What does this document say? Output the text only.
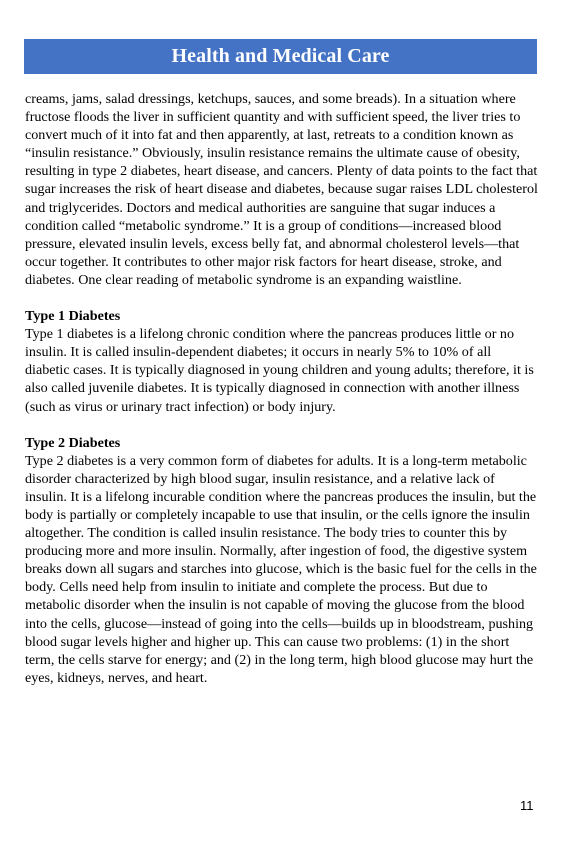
Health and Medical Care

creams, jams, salad dressings, ketchups, sauces, and some breads). In a situation where fructose floods the liver in sufficient quantity and with sufficient speed, the liver tries to convert much of it into fat and then apparently, at last, retreats to a condition known as “insulin resistance.” Obviously, insulin resistance remains the ultimate cause of obesity, resulting in type 2 diabetes, heart disease, and cancers. Plenty of data points to the fact that sugar increases the risk of heart disease and diabetes, because sugar raises LDL cholesterol and triglycerides. Doctors and medical authorities are sanguine that sugar induces a condition called “metabolic syndrome.” It is a group of conditions—increased blood pressure, elevated insulin levels, excess belly fat, and abnormal cholesterol levels—that occur together. It contributes to other major risk factors for heart disease, stroke, and diabetes. One clear reading of metabolic syndrome is an expanding waistline.

Type 1 Diabetes

Type 1 diabetes is a lifelong chronic condition where the pancreas produces little or no insulin. It is called insulin-dependent diabetes; it occurs in nearly 5% to 10% of all diabetic cases. It is typically diagnosed in young children and young adults; therefore, it is also called juvenile diabetes. It is typically diagnosed in connection with another illness (such as virus or urinary tract infection) or body injury.

Type 2 Diabetes

Type 2 diabetes is a very common form of diabetes for adults. It is a long-term metabolic disorder characterized by high blood sugar, insulin resistance, and a relative lack of insulin. It is a lifelong incurable condition where the pancreas produces the insulin, but the body is partially or completely incapable to use that insulin, or the cells ignore the insulin altogether. The condition is called insulin resistance. The body tries to counter this by producing more and more insulin. Normally, after ingestion of food, the digestive system breaks down all sugars and starches into glucose, which is the basic fuel for the cells in the body. Cells need help from insulin to initiate and complete the process. But due to metabolic disorder when the insulin is not capable of moving the glucose from the blood into the cells, glucose—instead of going into the cells—builds up in bloodstream, pushing blood sugar levels higher and higher up. This can cause two problems: (1) in the short term, the cells starve for energy; and (2) in the long term, high blood glucose may hurt the eyes, kidneys, nerves, and heart.

11
